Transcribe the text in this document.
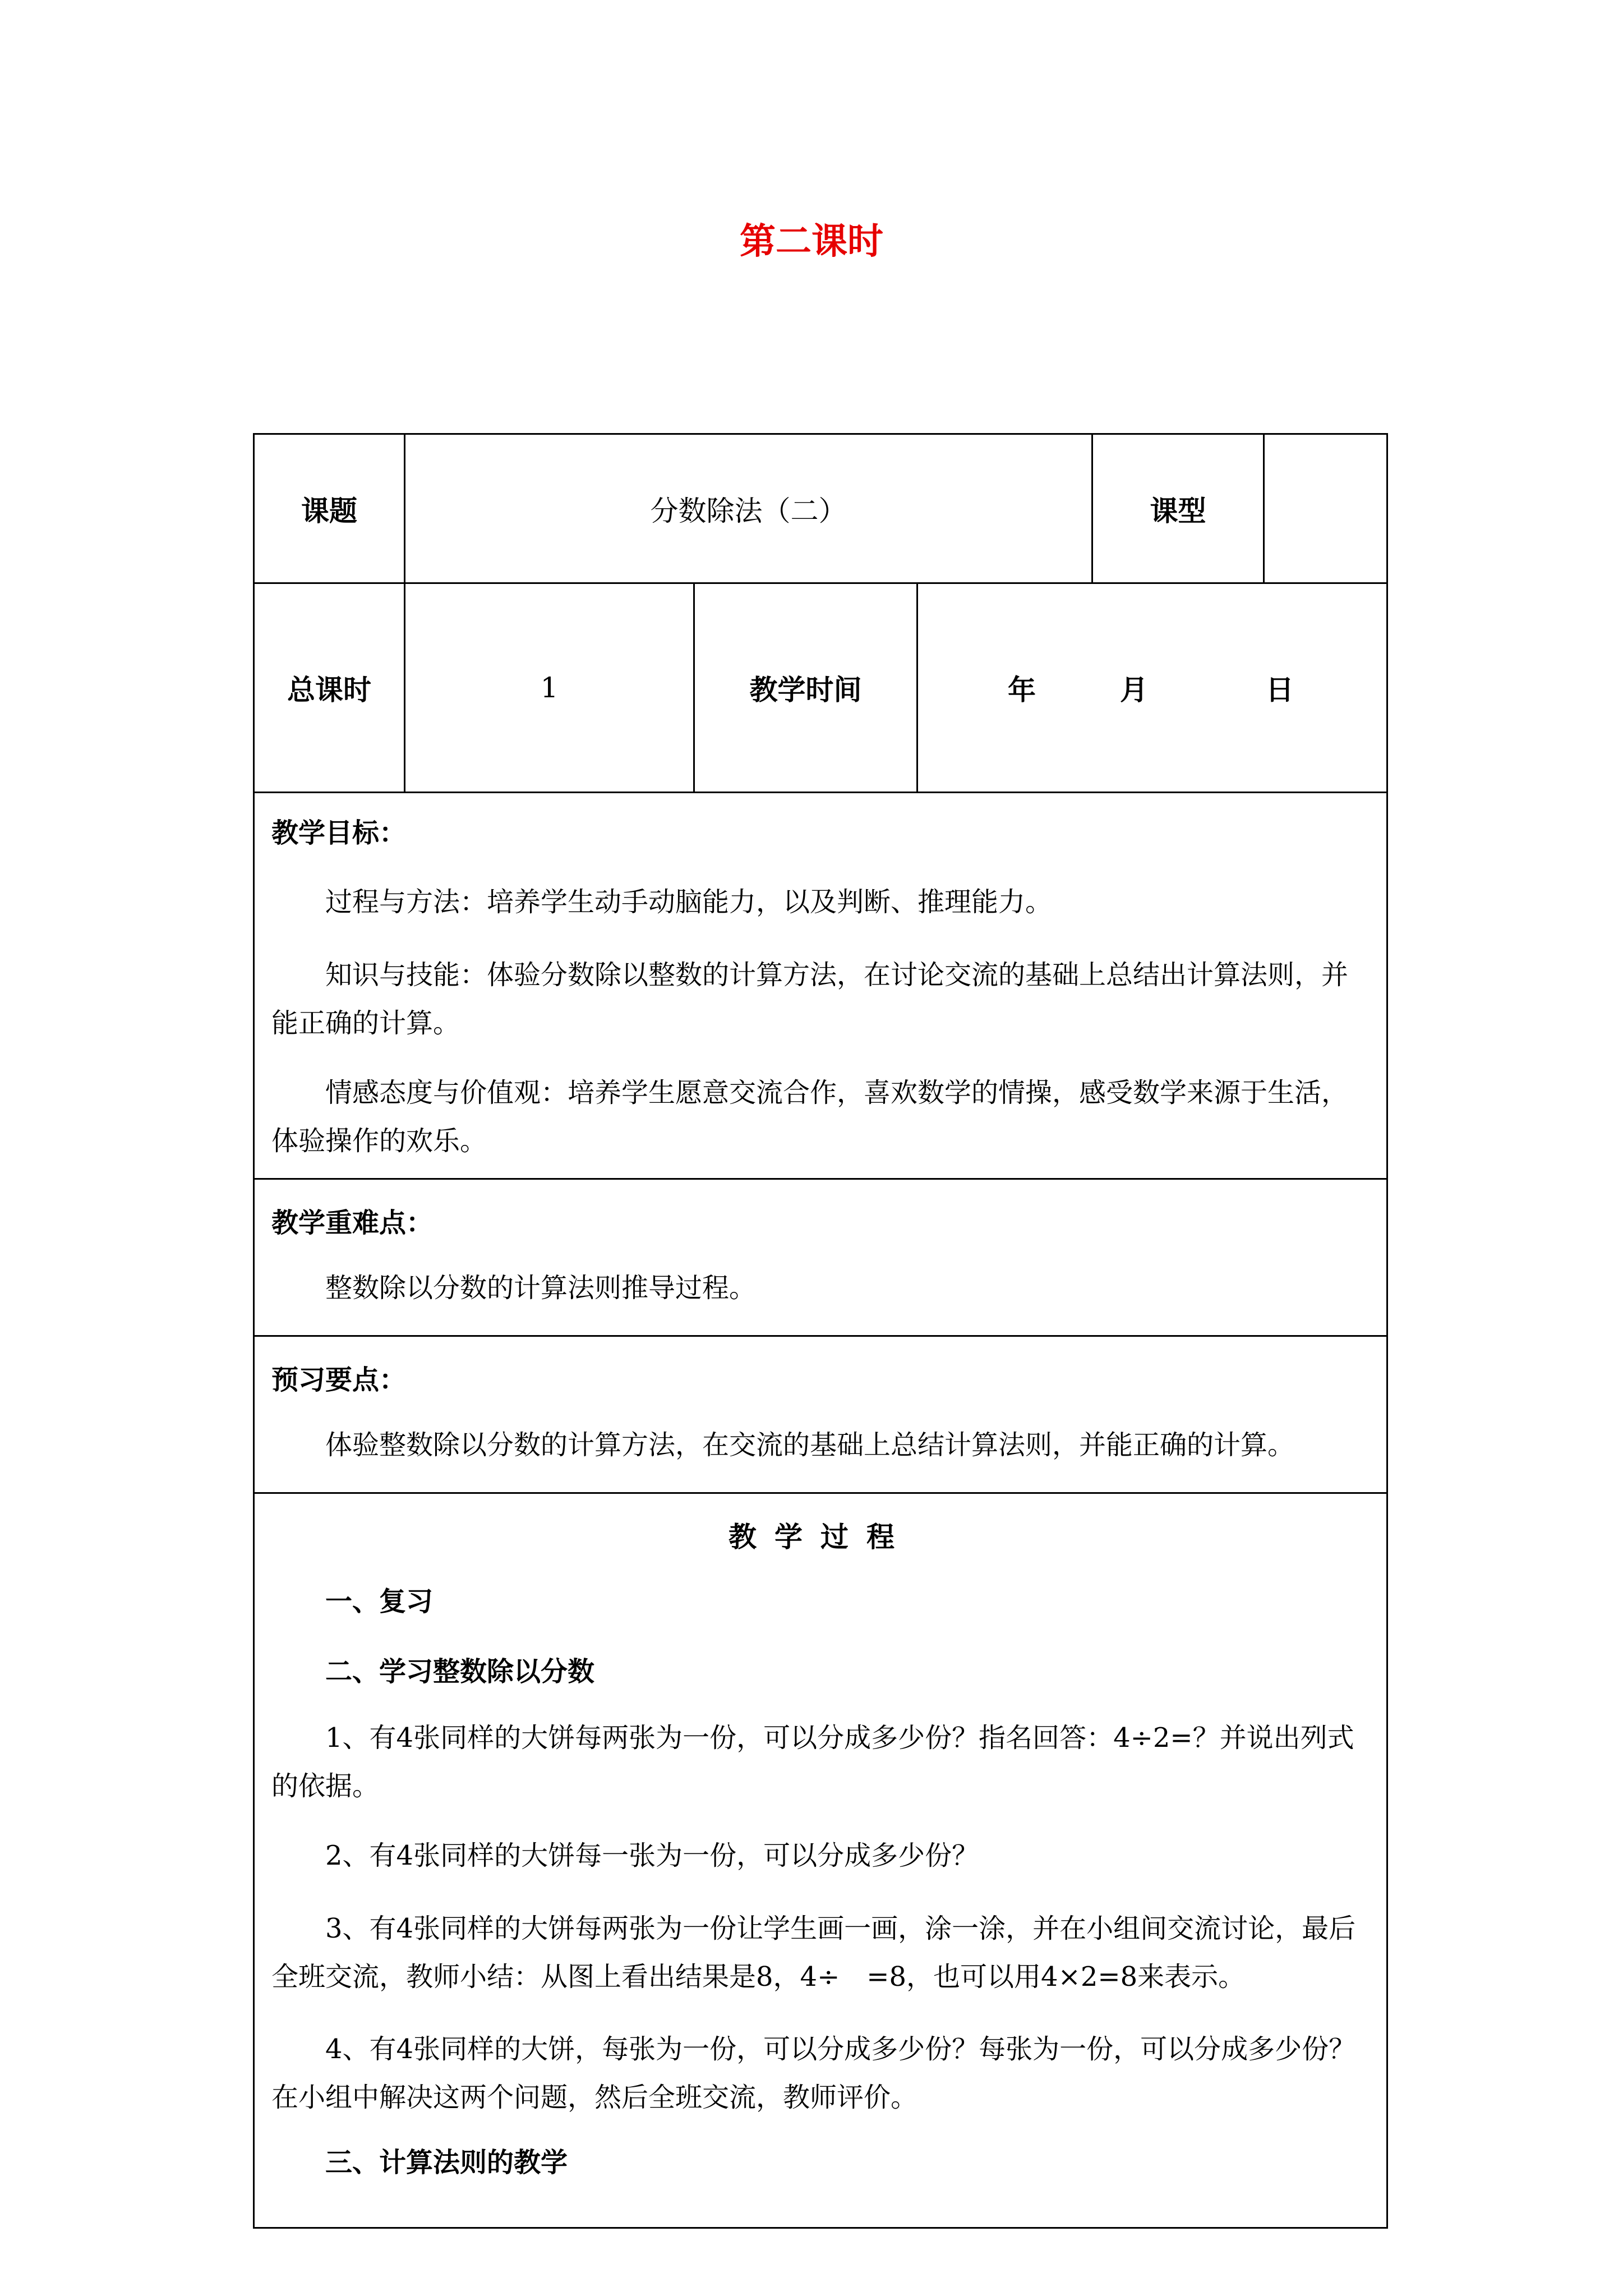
第二课时
课题	分数除法（二）	课型
总课时	1	教学时间	年	月	日
教学目标：

过程与方法：培养学生动手动脑能力，以及判断、推理能力。

知识与技能：体验分数除以整数的计算方法，在讨论交流的基础上总结出计算法则，并能正确的计算。

情感态度与价值观：培养学生愿意交流合作，喜欢数学的情操，感受数学来源于生活，体验操作的欢乐。

教学重难点：

整数除以分数的计算法则推导过程。

预习要点：

体验整数除以分数的计算方法，在交流的基础上总结计算法则，并能正确的计算。

教学过程
一、复习
二、学习整数除以分数

1、有4张同样的大饼每两张为一份，可以分成多少份？指名回答：4÷2=？并说出列式的依据。

2、有4张同样的大饼每一张为一份，可以分成多少份？

3、有4张同样的大饼每两张为一份让学生画一画，涂一涂，并在小组间交流讨论，最后全班交流，教师小结：从图上看出结果是8，4÷　=8，也可以用4×2=8来表示。

4、有4张同样的大饼，每张为一份，可以分成多少份？每张为一份，可以分成多少份？在小组中解决这两个问题，然后全班交流，教师评价。

三、计算法则的教学
